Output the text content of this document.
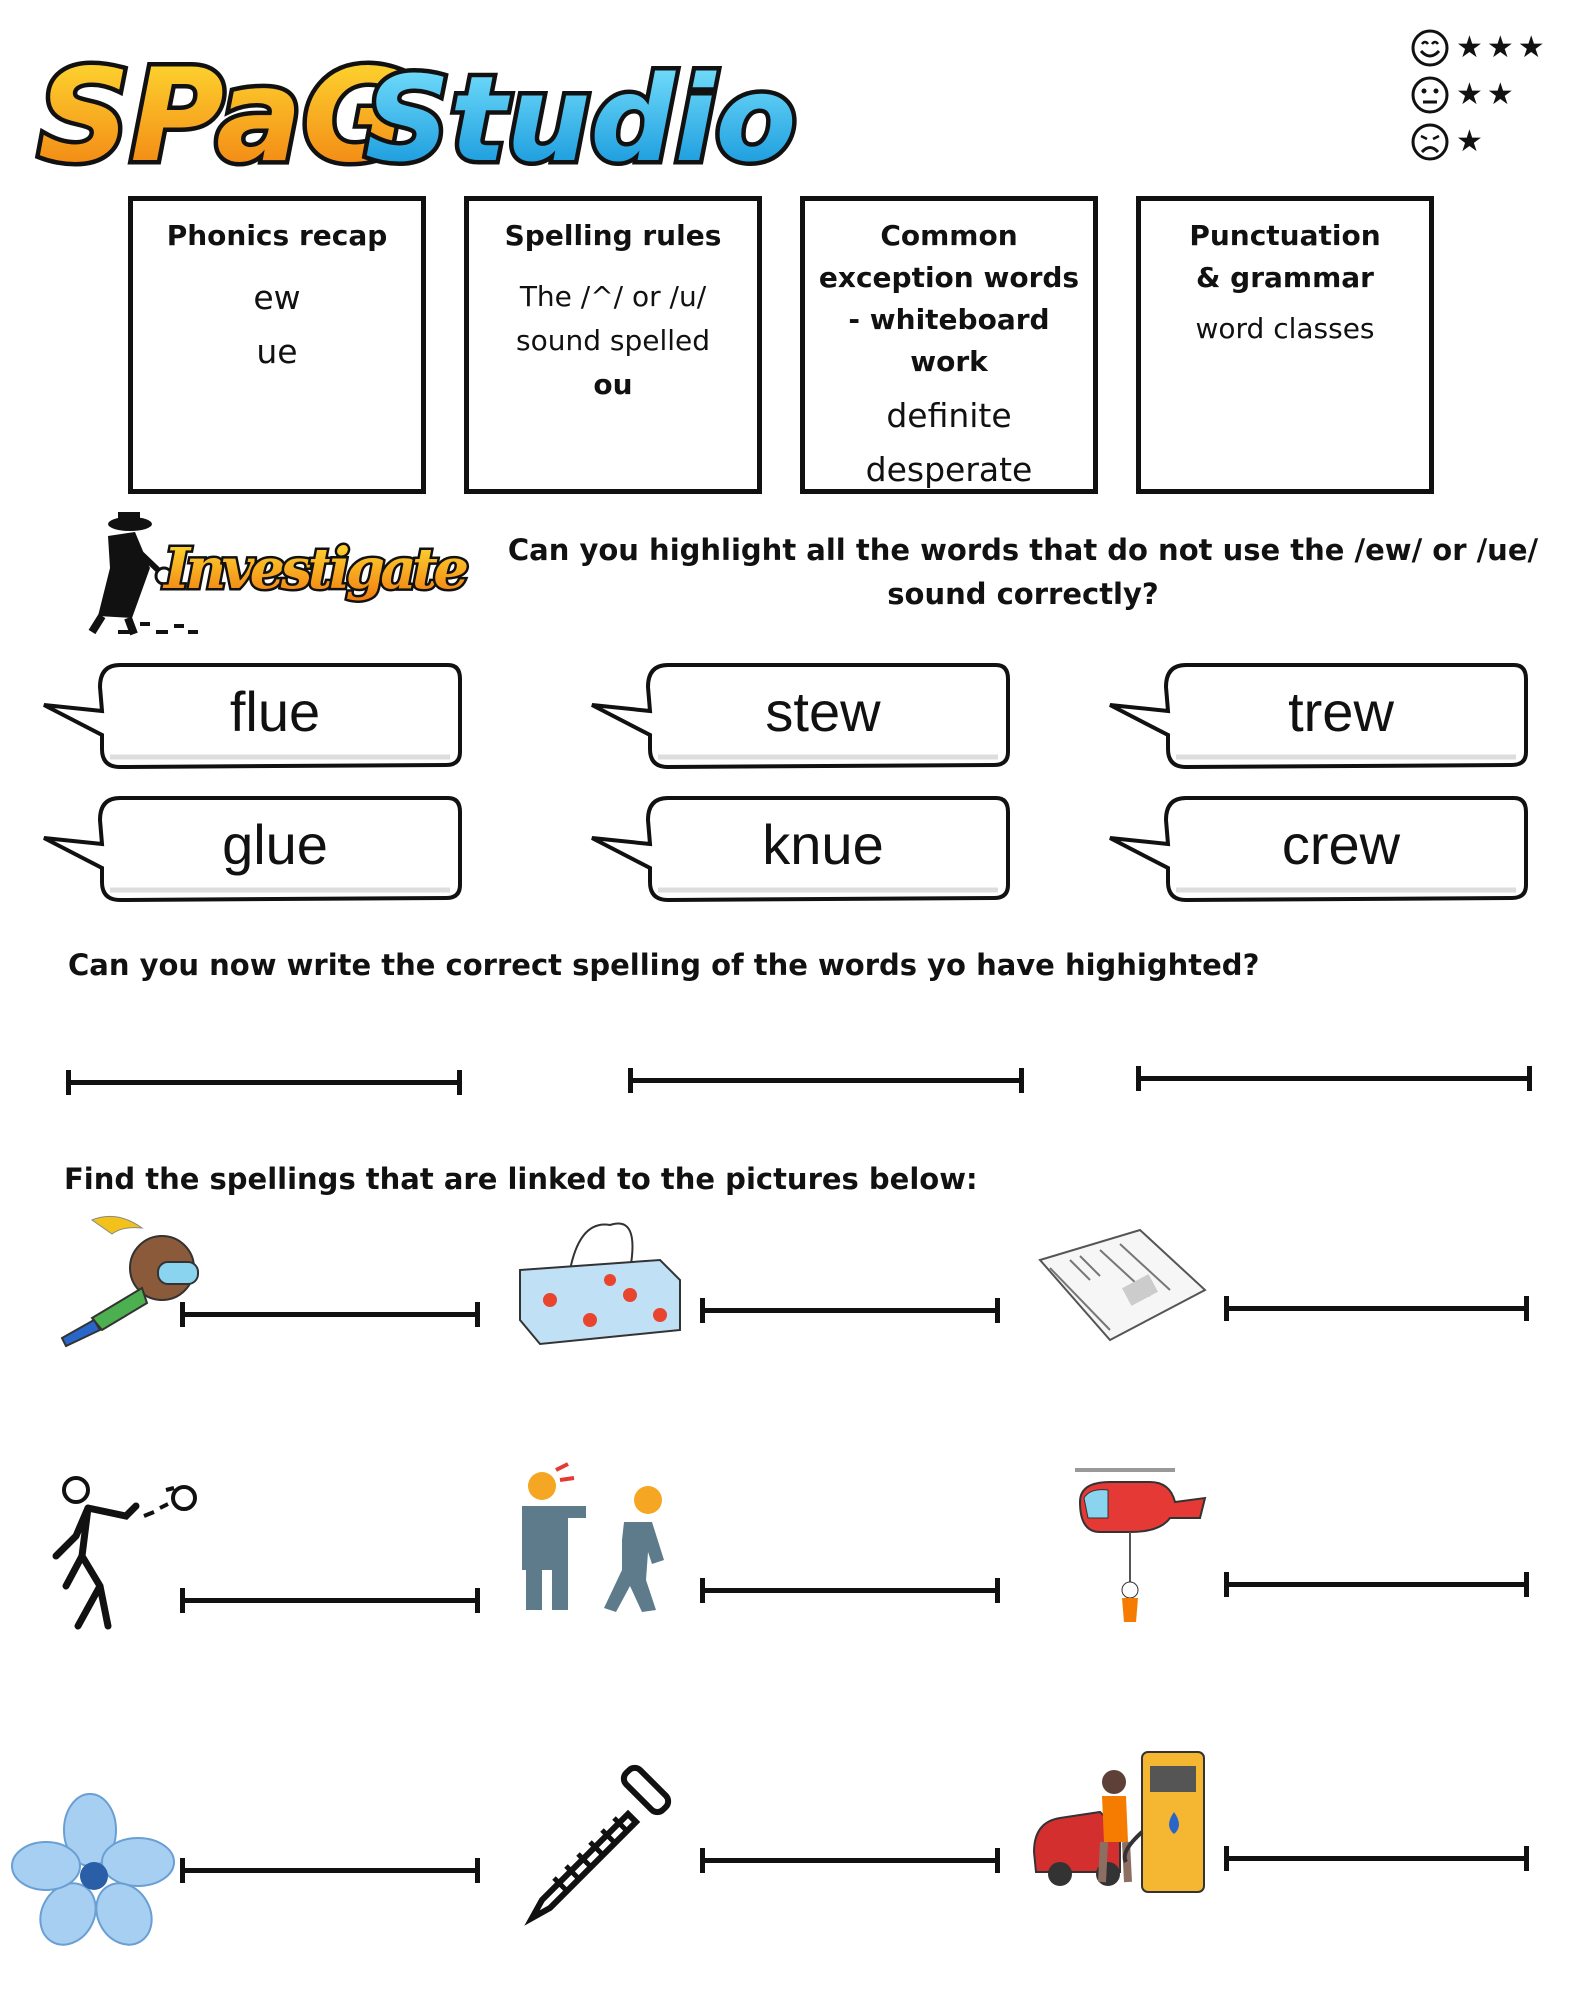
SPaG
Studio
★★★
★★
★
Phonics recap
ew
ue
Spelling rules
The /^/ or /u/
sound spelled
ou
Common exception words - whiteboard work
definite
desperate
Punctuation & grammar
word classes
Investigate	Can you highlight all the words that do not use the /ew/ or /ue/ sound correctly?
flue	stew	trew
glue	knue	crew
Can you now write the correct spelling of the words yo have highighted?
Find the spellings that are linked to the pictures below:
